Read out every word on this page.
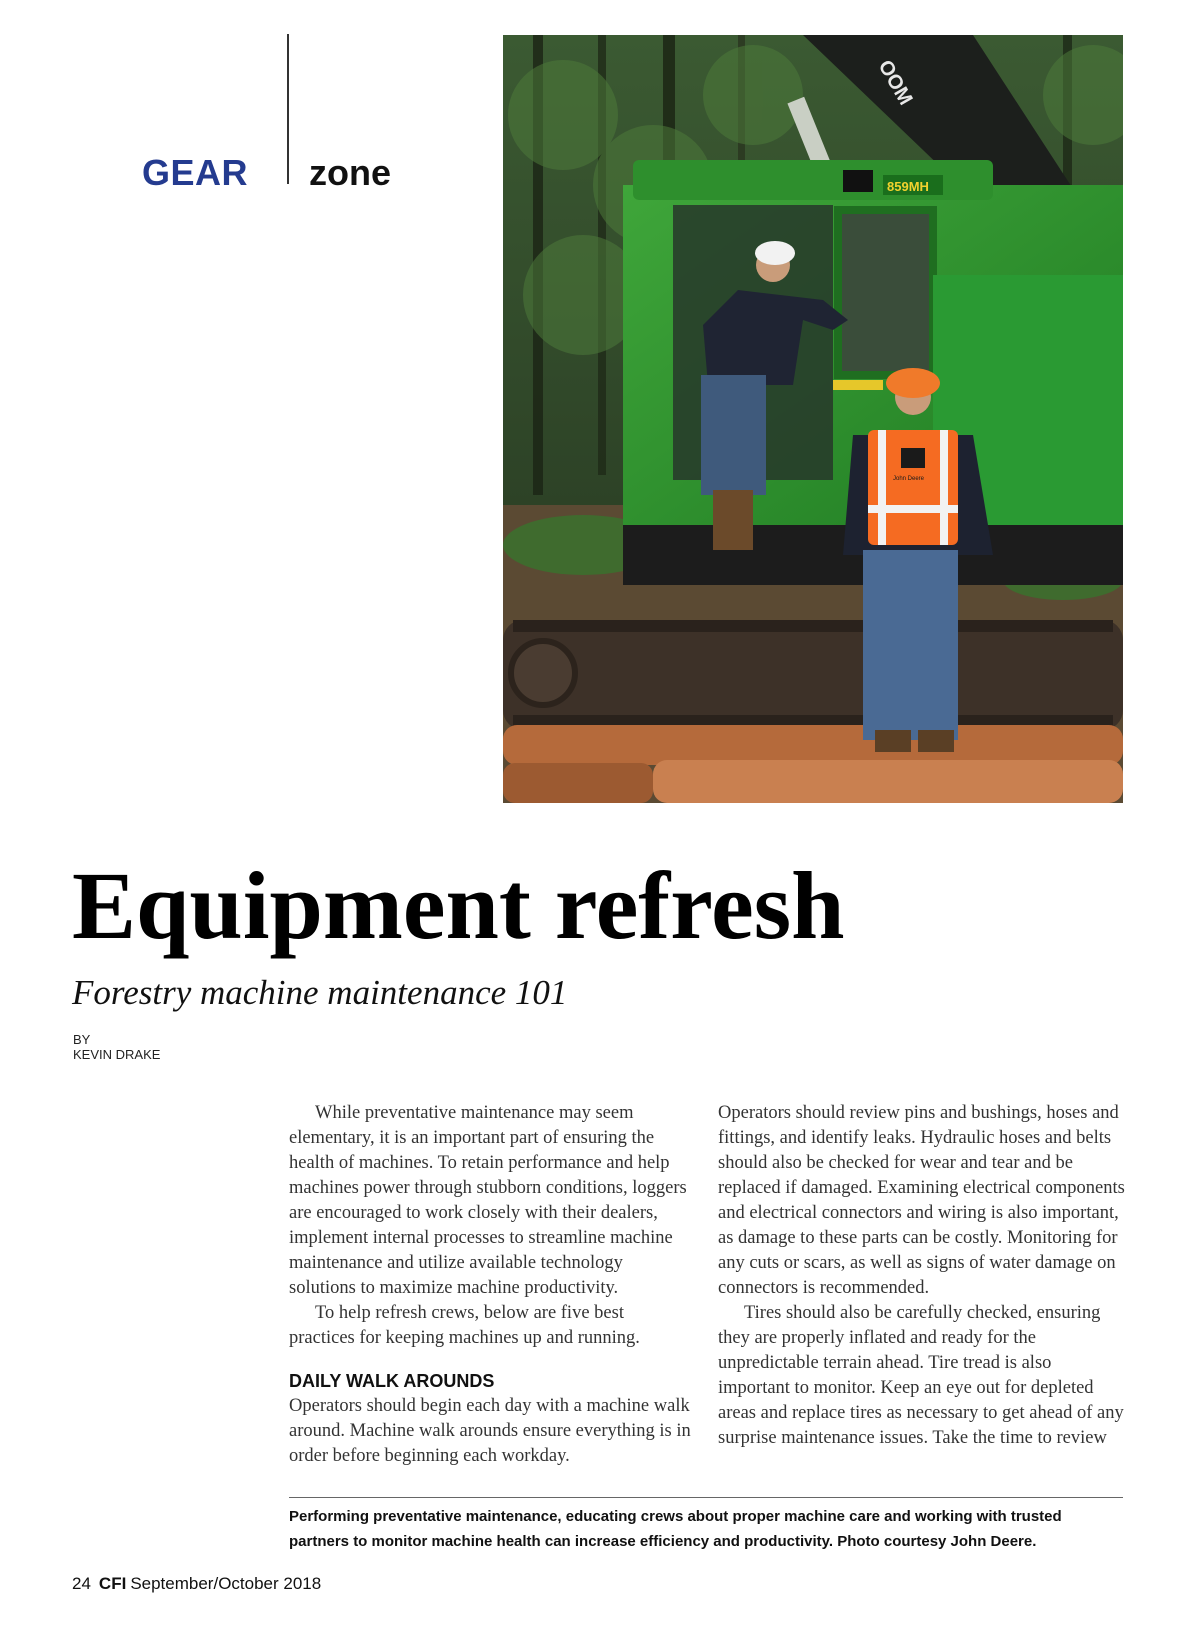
GEAR zone
OOM
859MH
John Deere
Equipment refresh
Forestry machine maintenance 101
BY
KEVIN DRAKE

While preventative maintenance may seem elementary, it is an important part of ensuring the health of machines. To retain performance and help machines power through stubborn conditions, loggers are encouraged to work closely with their dealers, implement internal processes to streamline machine maintenance and utilize available technology solutions to maximize machine productivity.

To help refresh crews, below are five best practices for keeping machines up and running.

DAILY WALK AROUNDS

Operators should begin each day with a machine walk around. Machine walk arounds ensure everything is in order before beginning each workday.

Operators should review pins and bushings, hoses and fittings, and identify leaks. Hydraulic hoses and belts should also be checked for wear and tear and be replaced if damaged. Examining electrical components and electrical connectors and wiring is also important, as damage to these parts can be costly. Monitoring for any cuts or scars, as well as signs of water damage on connectors is recommended.

Tires should also be carefully checked, ensuring they are properly inflated and ready for the unpredictable terrain ahead. Tire tread is also important to monitor. Keep an eye out for depleted areas and replace tires as necessary to get ahead of any surprise maintenance issues. Take the time to review

Performing preventative maintenance, educating crews about proper machine care and working with trusted partners to monitor machine health can increase efficiency and productivity. Photo courtesy John Deere.
24 CFI September/October 2018
